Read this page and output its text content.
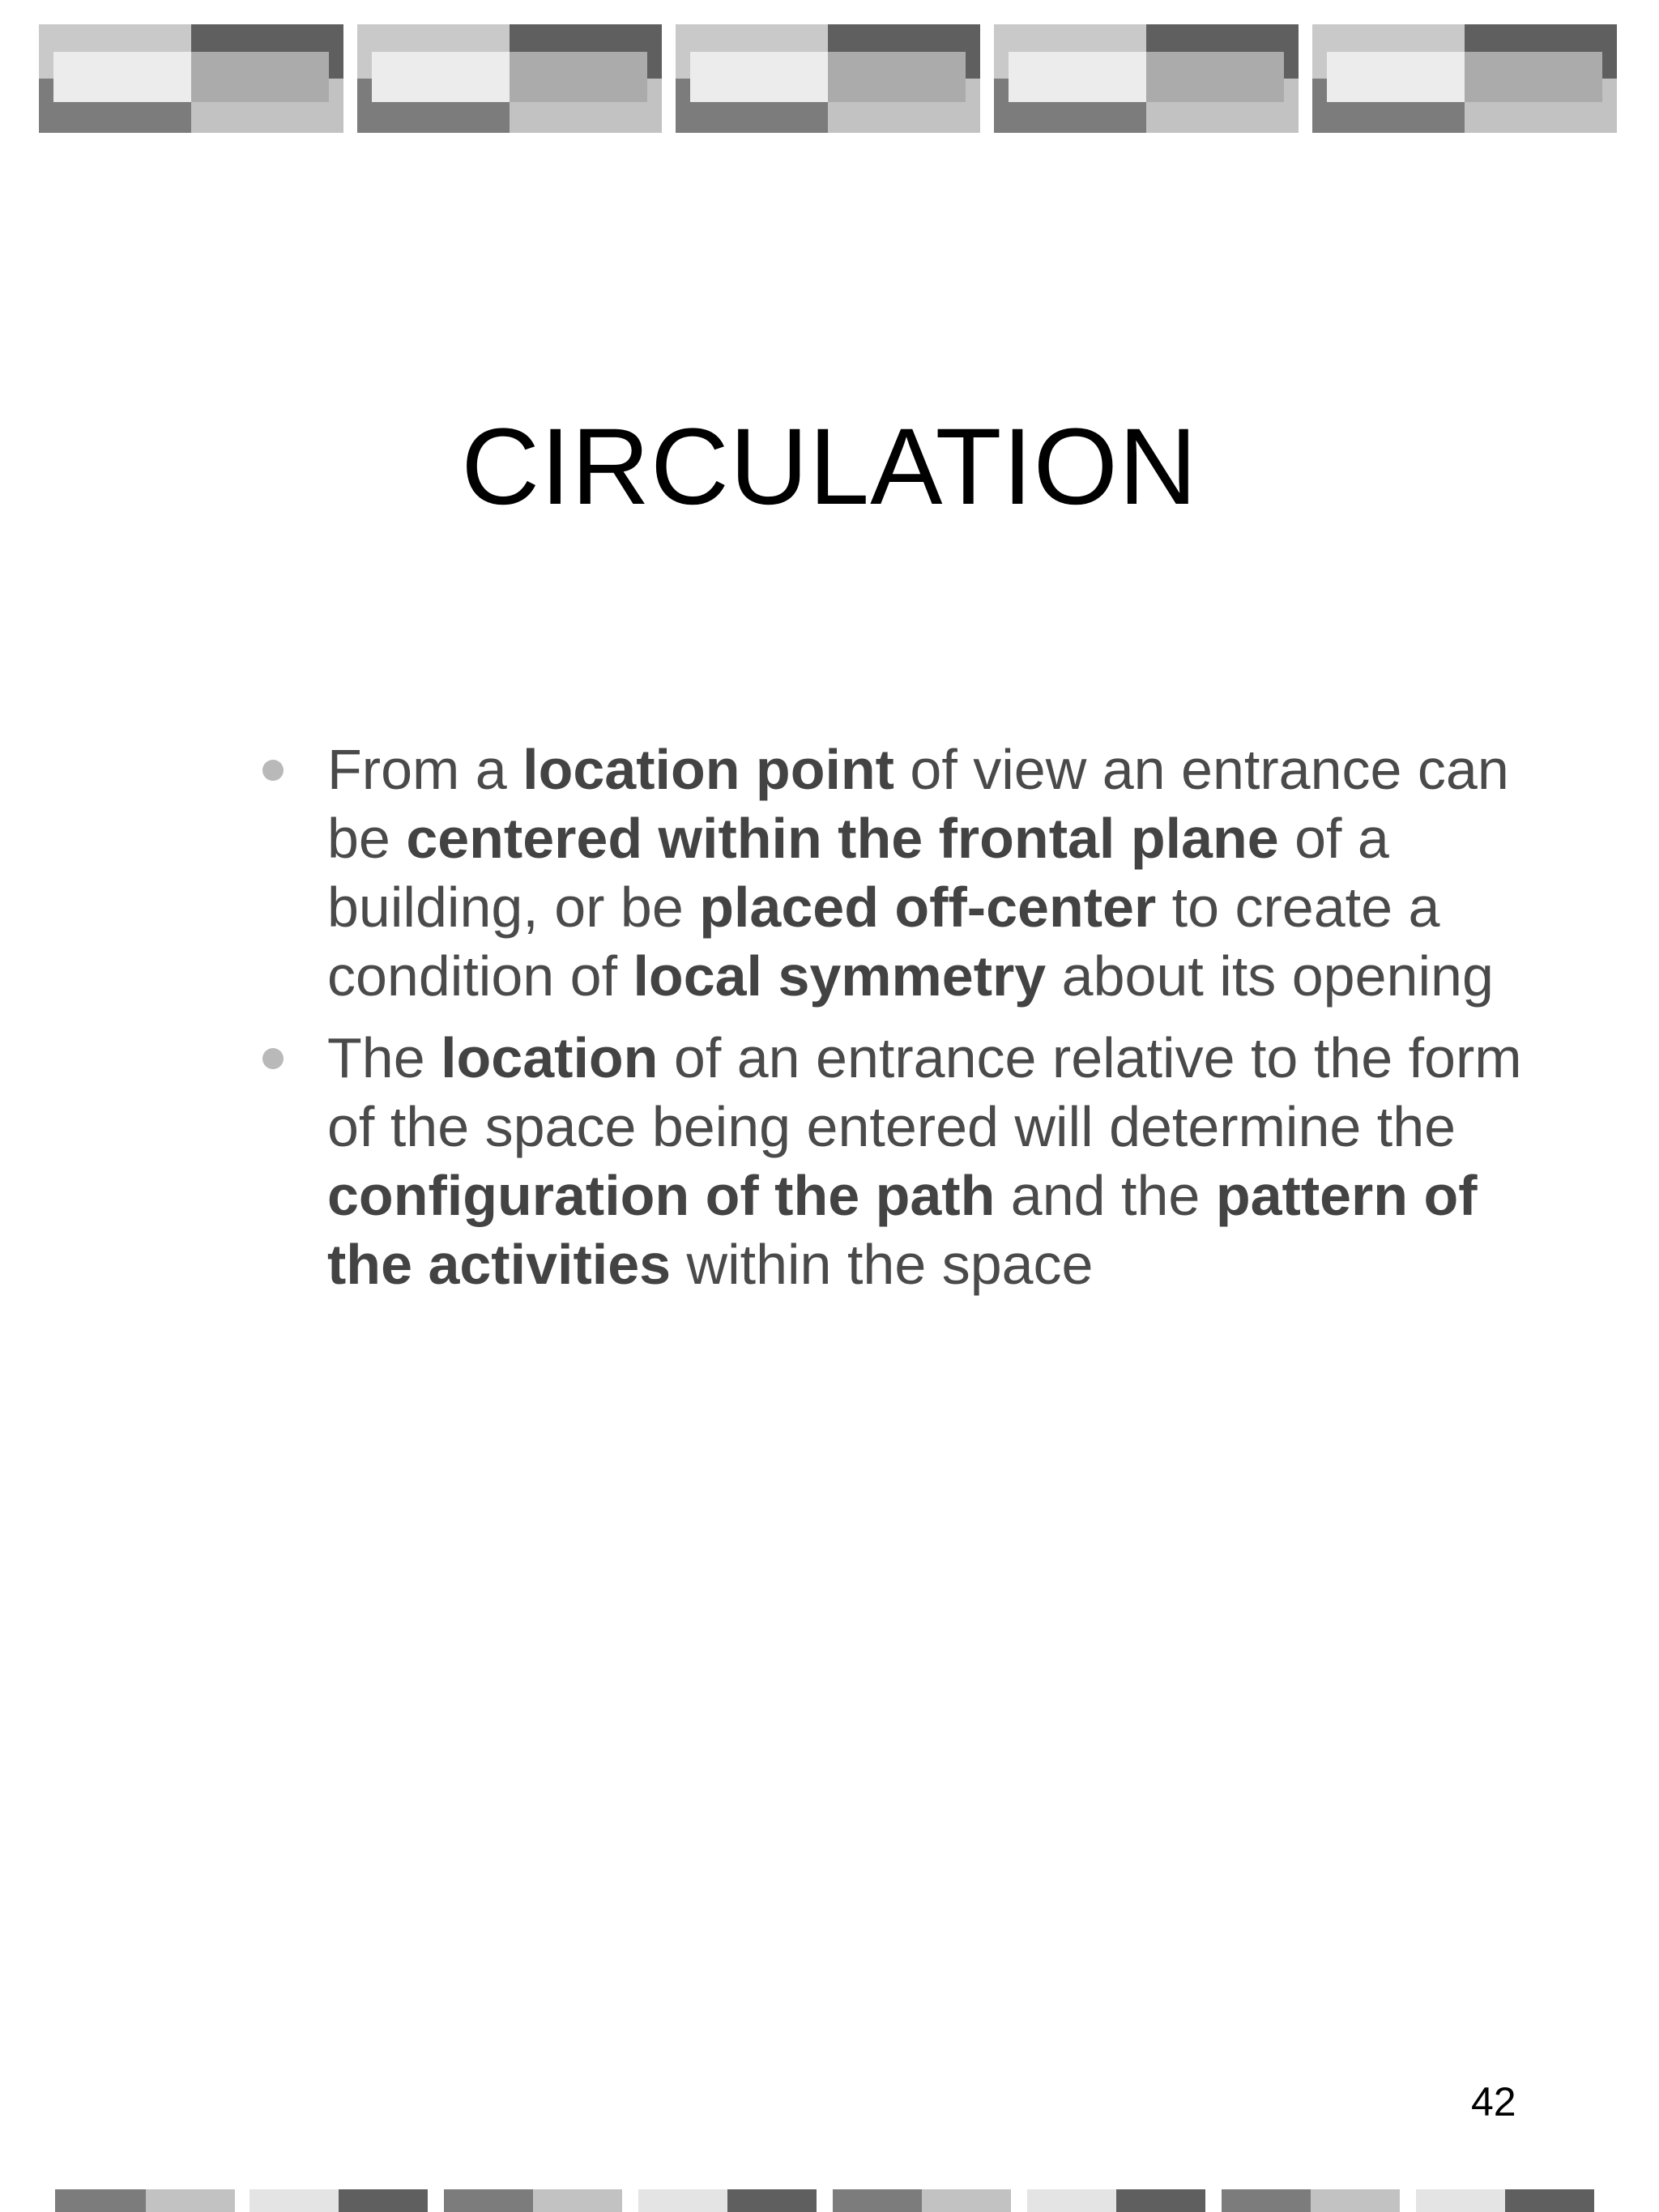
CIRCULATION
From a location point of view an entrance can be centered within the frontal plane of a building, or be placed off-center to create a condition of local symmetry about its opening
The location of an entrance relative to the form of the space being entered will determine the configuration of the path and the pattern of the activities within the space
42
